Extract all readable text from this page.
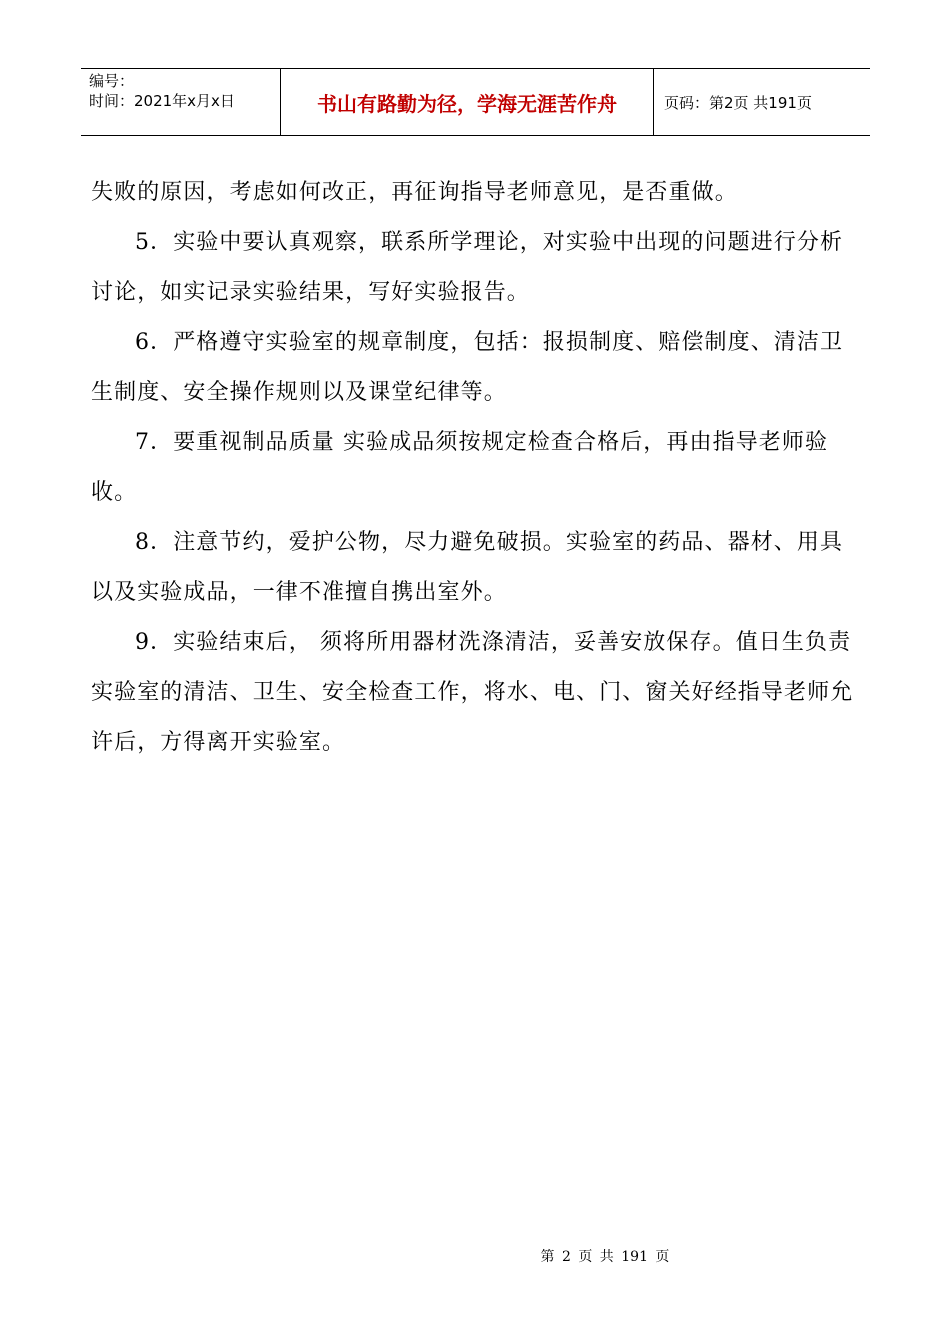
编号：
时间：2021年x月x日	书山有路勤为径，学海无涯苦作舟	页码：第2页 共191页

失败的原因，考虑如何改正，再征询指导老师意见，是否重做。

5．实验中要认真观察，联系所学理论，对实验中出现的问题进行分析讨论，如实记录实验结果，写好实验报告。

6．严格遵守实验室的规章制度，包括：报损制度、赔偿制度、清洁卫生制度、安全操作规则以及课堂纪律等。

7．要重视制品质量 实验成品须按规定检查合格后，再由指导老师验收。

8．注意节约，爱护公物，尽力避免破损。实验室的药品、器材、用具以及实验成品，一律不准擅自携出室外。

9．实验结束后， 须将所用器材洗涤清洁，妥善安放保存。值日生负责实验室的清洁、卫生、安全检查工作，将水、电、门、窗关好经指导老师允许后，方得离开实验室。

第 2 页 共 191 页
